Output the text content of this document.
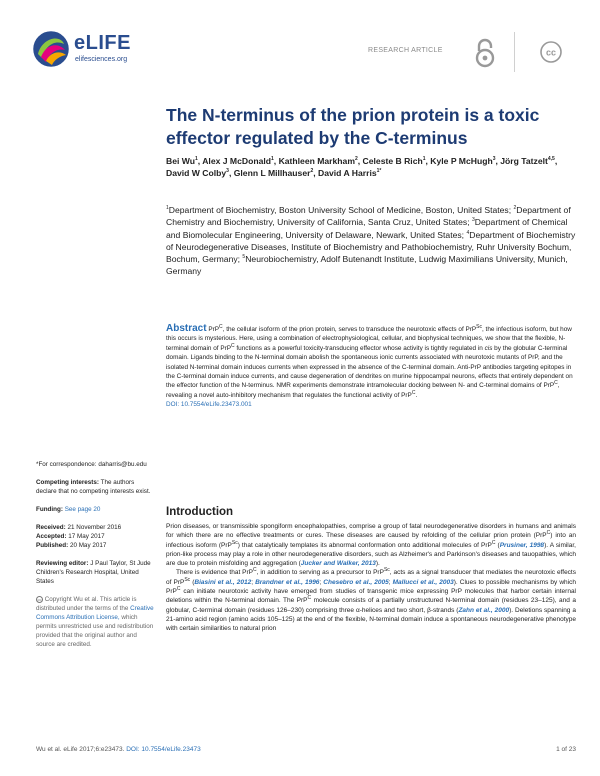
eLIFE
elifesciences.org
RESEARCH ARTICLE	cc
The N-terminus of the prion protein is a toxic effector regulated by the C-terminus
Bei Wu$^1$, Alex J McDonald$^1$, Kathleen Markham$^2$, Celeste B Rich$^1$, Kyle P McHugh$^3$, Jörg Tatzelt$^{4,5}$, David W Colby$^3$, Glenn L Millhauser$^2$, David A Harris$^{1*}$
$^1$Department of Biochemistry, Boston University School of Medicine, Boston, United States; $^2$Department of Chemistry and Biochemistry, University of California, Santa Cruz, United States; $^3$Department of Chemical and Biomolecular Engineering, University of Delaware, Newark, United States; $^4$Department of Biochemistry of Neurodegenerative Diseases, Institute of Biochemistry and Pathobiochemistry, Ruhr University Bochum, Bochum, Germany; $^5$Neurobiochemistry, Adolf Butenandt Institute, Ludwig Maximilians University, Munich, Germany
Abstract PrP$^C$, the cellular isoform of the prion protein, serves to transduce the neurotoxic effects of PrP$^{Sc}$, the infectious isoform, but how this occurs is mysterious. Here, using a combination of electrophysiological, cellular, and biophysical techniques, we show that the flexible, N-terminal domain of PrP$^C$ functions as a powerful toxicity-transducing effector whose activity is tightly regulated in cis by the globular C-terminal domain. Ligands binding to the N-terminal domain abolish the spontaneous ionic currents associated with neurotoxic mutants of PrP, and the isolated N-terminal domain induces currents when expressed in the absence of the C-terminal domain. Anti-PrP antibodies targeting epitopes in the C-terminal domain induce currents, and cause degeneration of dendrites on murine hippocampal neurons, effects that entirely dependent on the effector function of the N-terminus. NMR experiments demonstrate intramolecular docking between N- and C-terminal domains of PrP$^C$, revealing a novel auto-inhibitory mechanism that regulates the functional activity of PrP$^C$.
DOI: 10.7554/eLife.23473.001
*For correspondence: daharris@bu.edu
Competing interests: The authors declare that no competing interests exist.
Funding: See page 20
Received: 21 November 2016
Accepted: 17 May 2017
Published: 20 May 2017
Reviewing editor: J Paul Taylor, St Jude Children's Research Hospital, United States
cc Copyright Wu et al. This article is distributed under the terms of the Creative Commons Attribution License, which permits unrestricted use and redistribution provided that the original author and source are credited.
Introduction

Prion diseases, or transmissible spongiform encephalopathies, comprise a group of fatal neurodegenerative disorders in humans and animals for which there are no effective treatments or cures. These diseases are caused by refolding of the cellular prion protein (PrP$^C$) into an infectious isoform (PrP$^{Sc}$) that catalytically templates its abnormal conformation onto additional molecules of PrP$^C$ (Prusiner, 1998). A similar, prion-like process may play a role in other neurodegenerative disorders, such as Alzheimer's and Parkinson's diseases and tauopathies, which are due to protein misfolding and aggregation (Jucker and Walker, 2013).

There is evidence that PrP$^C$, in addition to serving as a precursor to PrP$^{Sc}$, acts as a signal transducer that mediates the neurotoxic effects of PrP$^{Sc}$ (Biasini et al., 2012; Brandner et al., 1996; Chesebro et al., 2005; Mallucci et al., 2003). Clues to possible mechanisms by which PrP$^C$ can initiate neurotoxic activity have emerged from studies of transgenic mice expressing PrP molecules that harbor certain internal deletions within the N-terminal domain. The PrP$^C$ molecule consists of a partially unstructured N-terminal domain (residues 23–125), and a globular, C-terminal domain (residues 126–230) comprising three α-helices and two short, β-strands (Zahn et al., 2000). Deletions spanning a 21-amino acid region (amino acids 105–125) at the end of the flexible, N-terminal domain induce a spontaneous neurodegenerative phenotype with certain similarities to natural prion

Wu et al. eLife 2017;6:e23473. DOI: 10.7554/eLife.23473	1 of 23
